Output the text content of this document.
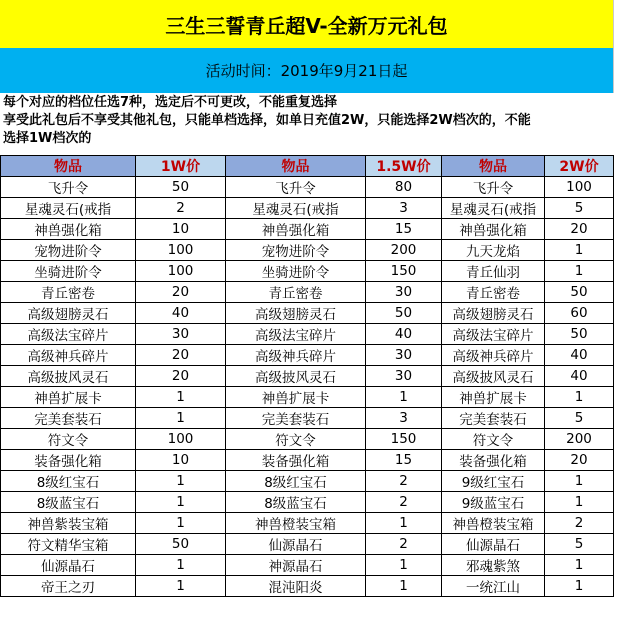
三生三誓青丘超V-全新万元礼包
活动时间：2019年9月21日起
每个对应的档位任选7种，选定后不可更改，不能重复选择
享受此礼包后不享受其他礼包，只能单档选择，如单日充值2W，只能选择2W档次的，不能
选择1W档次的
物品	1W价	物品	1.5W价	物品	2W价
飞升令	50	飞升令	80	飞升令	100
星魂灵石(戒指	2	星魂灵石(戒指	3	星魂灵石(戒指	5
神兽强化箱	10	神兽强化箱	15	神兽强化箱	20
宠物进阶令	100	宠物进阶令	200	九天龙焰	1
坐骑进阶令	100	坐骑进阶令	150	青丘仙羽	1
青丘密卷	20	青丘密卷	30	青丘密卷	50
高级翅膀灵石	40	高级翅膀灵石	50	高级翅膀灵石	60
高级法宝碎片	30	高级法宝碎片	40	高级法宝碎片	50
高级神兵碎片	20	高级神兵碎片	30	高级神兵碎片	40
高级披风灵石	20	高级披风灵石	30	高级披风灵石	40
神兽扩展卡	1	神兽扩展卡	1	神兽扩展卡	1
完美套装石	1	完美套装石	3	完美套装石	5
符文令	100	符文令	150	符文令	200
装备强化箱	10	装备强化箱	15	装备强化箱	20
8级红宝石	1	8级红宝石	2	9级红宝石	1
8级蓝宝石	1	8级蓝宝石	2	9级蓝宝石	1
神兽紫装宝箱	1	神兽橙装宝箱	1	神兽橙装宝箱	2
符文精华宝箱	50	仙源晶石	2	仙源晶石	5
仙源晶石	1	神源晶石	1	邪魂紫煞	1
帝王之刃	1	混沌阳炎	1	一统江山	1
